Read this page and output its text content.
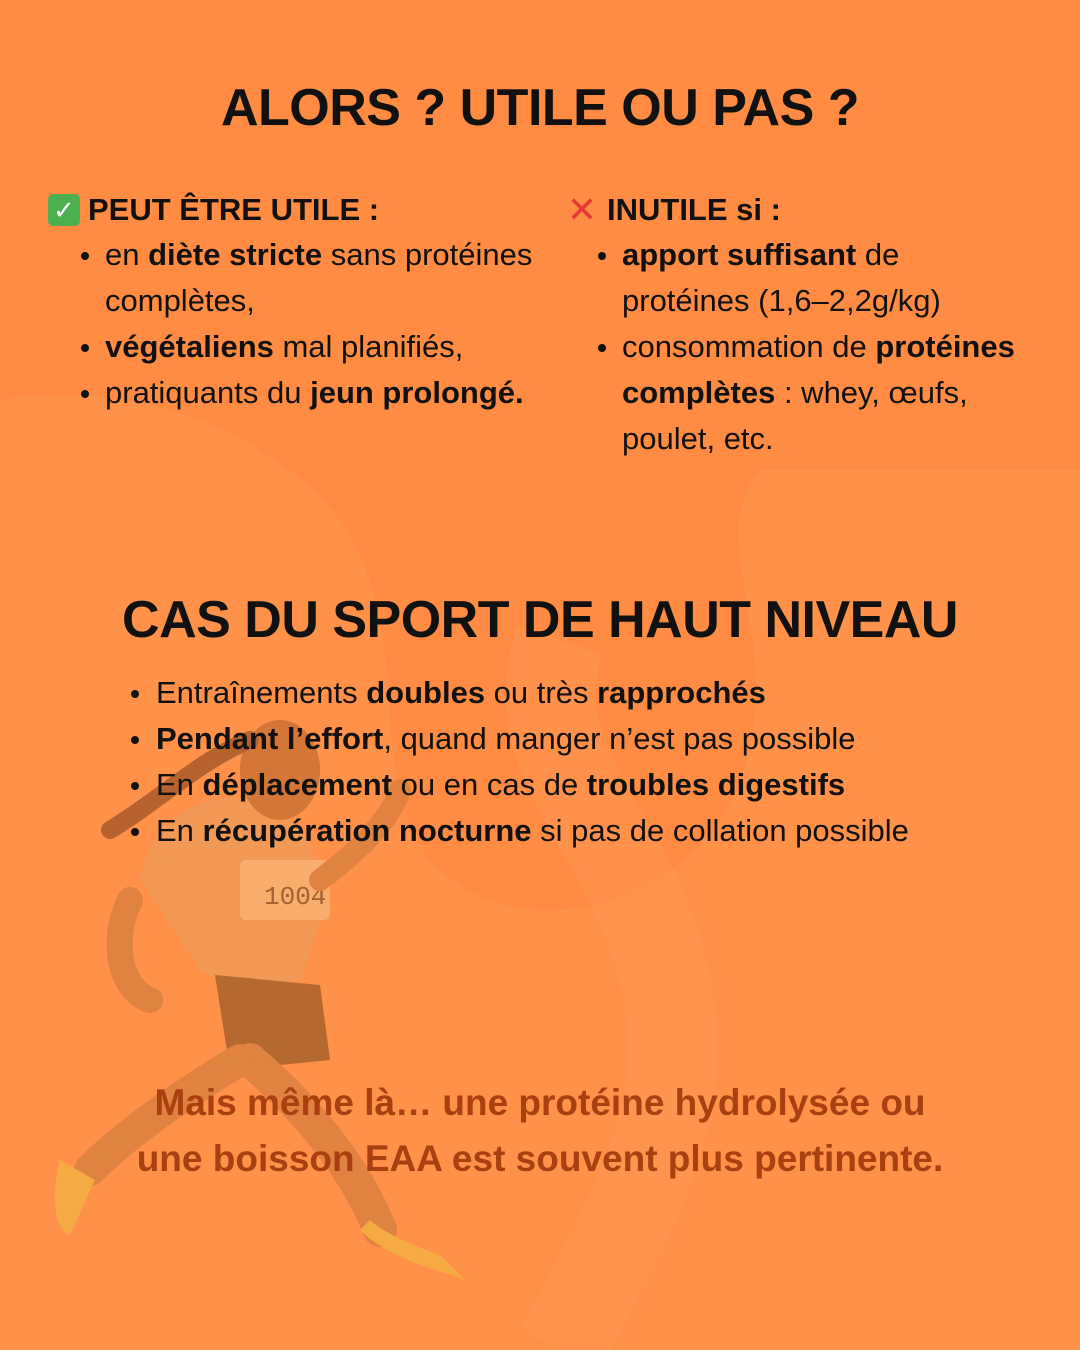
1004
ALORS ? UTILE OU PAS ?
✓ PEUT ÊTRE UTILE :
en diète stricte sans protéines complètes,
végétaliens mal planifiés,
pratiquants du jeun prolongé.
✕ INUTILE si :
apport suffisant de protéines (1,6–2,2g/kg)
consommation de protéines complètes : whey, œufs, poulet, etc.
CAS DU SPORT DE HAUT NIVEAU
Entraînements doubles ou très rapprochés
Pendant l’effort, quand manger n’est pas possible
En déplacement ou en cas de troubles digestifs
En récupération nocturne si pas de collation possible
Mais même là… une protéine hydrolysée ou
une boisson EAA est souvent plus pertinente.
